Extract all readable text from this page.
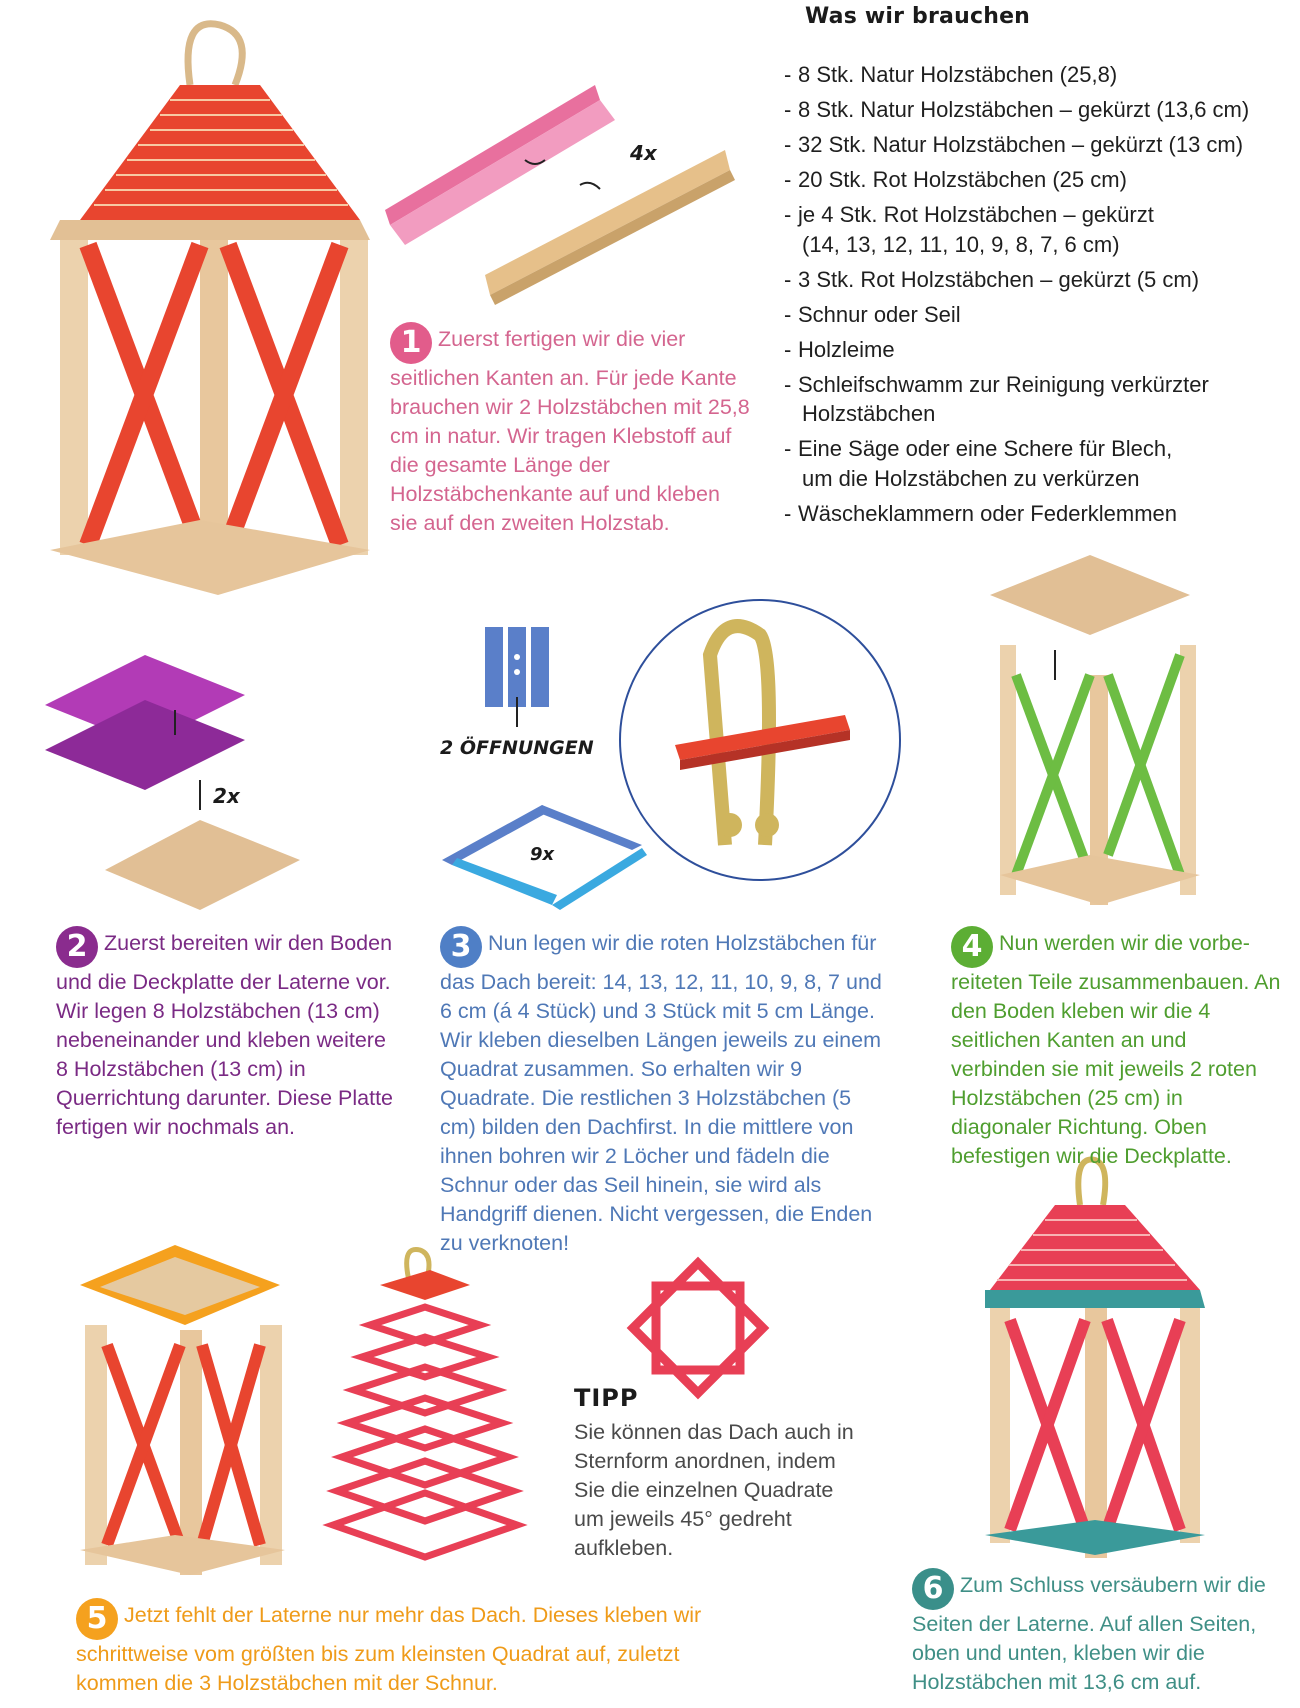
4x
2x
2 ÖFFNUNGEN
9x
Was wir brauchen
- 8 Stk. Natur Holzstäbchen (25,8)
- 8 Stk. Natur Holzstäbchen – gekürzt (13,6 cm)
- 32 Stk. Natur Holzstäbchen – gekürzt (13 cm)
- 20 Stk. Rot Holzstäbchen (25 cm)
- je 4 Stk. Rot Holzstäbchen – gekürzt
(14, 13, 12, 11, 10, 9, 8, 7, 6 cm)
- 3 Stk. Rot Holzstäbchen – gekürzt (5 cm)
- Schnur oder Seil
- Holzleime
- Schleifschwamm zur Reinigung verkürzter
Holzstäbchen
- Eine Säge oder eine Schere für Blech,
um die Holzstäbchen zu verkürzen
- Wäscheklammern oder Federklemmen
1 Zuerst fertigen wir die vier seitlichen Kanten an. Für jede Kante brauchen wir 2 Holzstäbchen mit 25,8 cm in natur. Wir tragen Klebstoff auf die gesamte Länge der Holzstäbchenkante auf und kleben sie auf den zweiten Holzstab.
2 Zuerst bereiten wir den Boden und die Deckplatte der Laterne vor. Wir legen 8 Holzstäbchen (13 cm) nebeneinander und kleben weitere 8 Holzstäbchen (13 cm) in Querrichtung darunter. Diese Platte fertigen wir nochmals an.
3 Nun legen wir die roten Holzstäbchen für das Dach bereit: 14, 13, 12, 11, 10, 9, 8, 7 und 6 cm (á 4 Stück) und 3 Stück mit 5 cm Länge. Wir kleben dieselben Längen jeweils zu einem Quadrat zusammen. So erhalten wir 9 Quadrate. Die restlichen 3 Holzstäbchen (5 cm) bilden den Dachfirst. In die mittlere von ihnen bohren wir 2 Löcher und fädeln die Schnur oder das Seil hinein, sie wird als Handgriff dienen. Nicht vergessen, die Enden zu verknoten!
4 Nun werden wir die vorbe-reiteten Teile zusammenbauen. An den Boden kleben wir die 4 seitlichen Kanten an und verbinden sie mit jeweils 2 roten Holzstäbchen (25 cm) in diagonaler Richtung. Oben befestigen wir die Deckplatte.
TIPP
Sie können das Dach auch in Sternform anordnen, indem Sie die einzelnen Quadrate um jeweils 45° gedreht aufkleben.
5 Jetzt fehlt der Laterne nur mehr das Dach. Dieses kleben wir schrittweise vom größten bis zum kleinsten Quadrat auf, zuletzt kommen die 3 Holzstäbchen mit der Schnur.
6 Zum Schluss versäubern wir die Seiten der Laterne. Auf allen Seiten, oben und unten, kleben wir die Holzstäbchen mit 13,6 cm auf.
